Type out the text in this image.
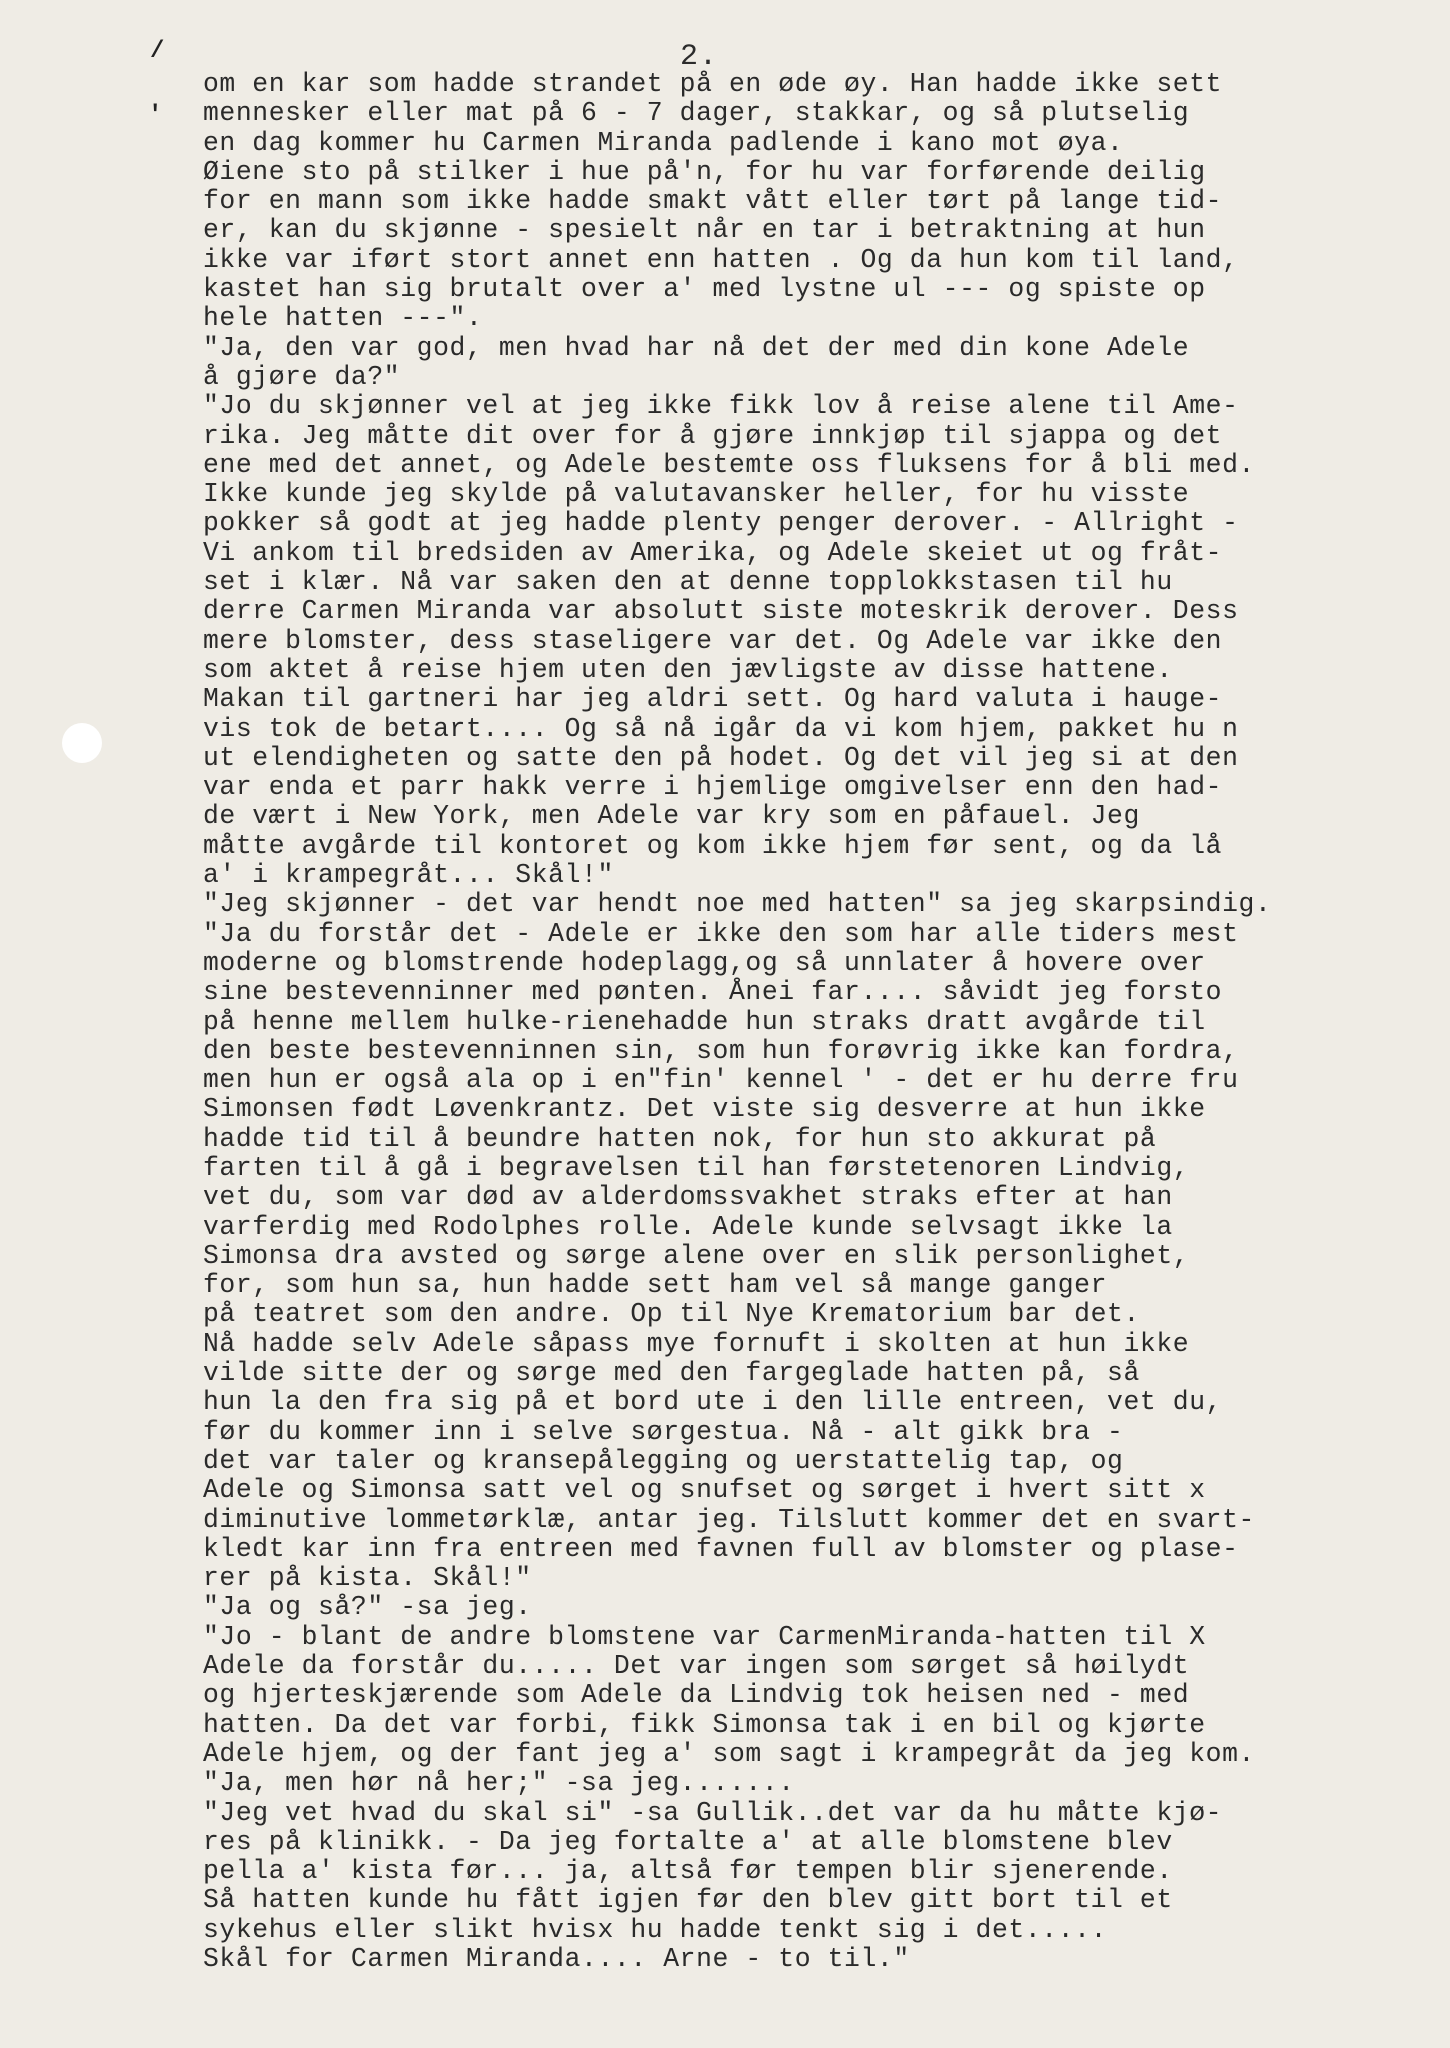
2.
/
'
om en kar som hadde strandet på en øde øy. Han hadde ikke sett
mennesker eller mat på 6 - 7 dager, stakkar, og så plutselig
en dag kommer hu Carmen Miranda padlende i kano mot øya.
Øiene sto på stilker i hue på'n, for hu var forførende deilig
for en mann som ikke hadde smakt vått eller tørt på lange tid-
er, kan du skjønne - spesielt når en tar i betraktning at hun
ikke var iført stort annet enn hatten . Og da hun kom til land,
kastet han sig brutalt over a' med lystne ul --- og spiste op
hele hatten ---".
"Ja, den var god, men hvad har nå det der med din kone Adele
å gjøre da?"
"Jo du skjønner vel at jeg ikke fikk lov å reise alene til Ame-
rika. Jeg måtte dit over for å gjøre innkjøp til sjappa og det
ene med det annet, og Adele bestemte oss fluksens for å bli med.
Ikke kunde jeg skylde på valutavansker heller, for hu visste
pokker så godt at jeg hadde plenty penger derover. - Allright -
Vi ankom til bredsiden av Amerika, og Adele skeiet ut og fråt-
set i klær. Nå var saken den at denne topplokkstasen til hu
derre Carmen Miranda var absolutt siste moteskrik derover. Dess
mere blomster, dess staseligere var det. Og Adele var ikke den
som aktet å reise hjem uten den jævligste av disse hattene.
Makan til gartneri har jeg aldri sett. Og hard valuta i hauge-
vis tok de betart.... Og så nå igår da vi kom hjem, pakket hu n
ut elendigheten og satte den på hodet. Og det vil jeg si at den
var enda et parr hakk verre i hjemlige omgivelser enn den had-
de vært i New York, men Adele var kry som en påfauel. Jeg
måtte avgårde til kontoret og kom ikke hjem før sent, og da lå
a' i krampegråt... Skål!"
"Jeg skjønner - det var hendt noe med hatten" sa jeg skarpsindig.
"Ja du forstår det - Adele er ikke den som har alle tiders mest
moderne og blomstrende hodeplagg,og så unnlater å hovere over
sine bestevenninner med pønten. Ånei far.... såvidt jeg forsto
på henne mellem hulke-rienehadde hun straks dratt avgårde til
den beste bestevenninnen sin, som hun forøvrig ikke kan fordra,
men hun er også ala op i en"fin' kennel ' - det er hu derre fru
Simonsen født Løvenkrantz. Det viste sig desverre at hun ikke
hadde tid til å beundre hatten nok, for hun sto akkurat på
farten til å gå i begravelsen til han førstetenoren Lindvig,
vet du, som var død av alderdomssvakhet straks efter at han
varferdig med Rodolphes rolle. Adele kunde selvsagt ikke la
Simonsa dra avsted og sørge alene over en slik personlighet,
for, som hun sa, hun hadde sett ham vel så mange ganger
på teatret som den andre. Op til Nye Krematorium bar det.
Nå hadde selv Adele såpass mye fornuft i skolten at hun ikke
vilde sitte der og sørge med den fargeglade hatten på, så
hun la den fra sig på et bord ute i den lille entreen, vet du,
før du kommer inn i selve sørgestua. Nå - alt gikk bra -
det var taler og kransepålegging og uerstattelig tap, og
Adele og Simonsa satt vel og snufset og sørget i hvert sitt x
diminutive lommetørklæ, antar jeg. Tilslutt kommer det en svart-
kledt kar inn fra entreen med favnen full av blomster og plase-
rer på kista. Skål!"
"Ja og så?" -sa jeg.
"Jo - blant de andre blomstene var CarmenMiranda-hatten til X
Adele da forstår du..... Det var ingen som sørget så høilydt
og hjerteskjærende som Adele da Lindvig tok heisen ned - med
hatten. Da det var forbi, fikk Simonsa tak i en bil og kjørte
Adele hjem, og der fant jeg a' som sagt i krampegråt da jeg kom.
"Ja, men hør nå her;" -sa jeg.......
"Jeg vet hvad du skal si" -sa Gullik..det var da hu måtte kjø-
res på klinikk. - Da jeg fortalte a' at alle blomstene blev
pella a' kista før... ja, altså før tempen blir sjenerende.
Så hatten kunde hu fått igjen før den blev gitt bort til et
sykehus eller slikt hvisx hu hadde tenkt sig i det.....
Skål for Carmen Miranda.... Arne - to til."
